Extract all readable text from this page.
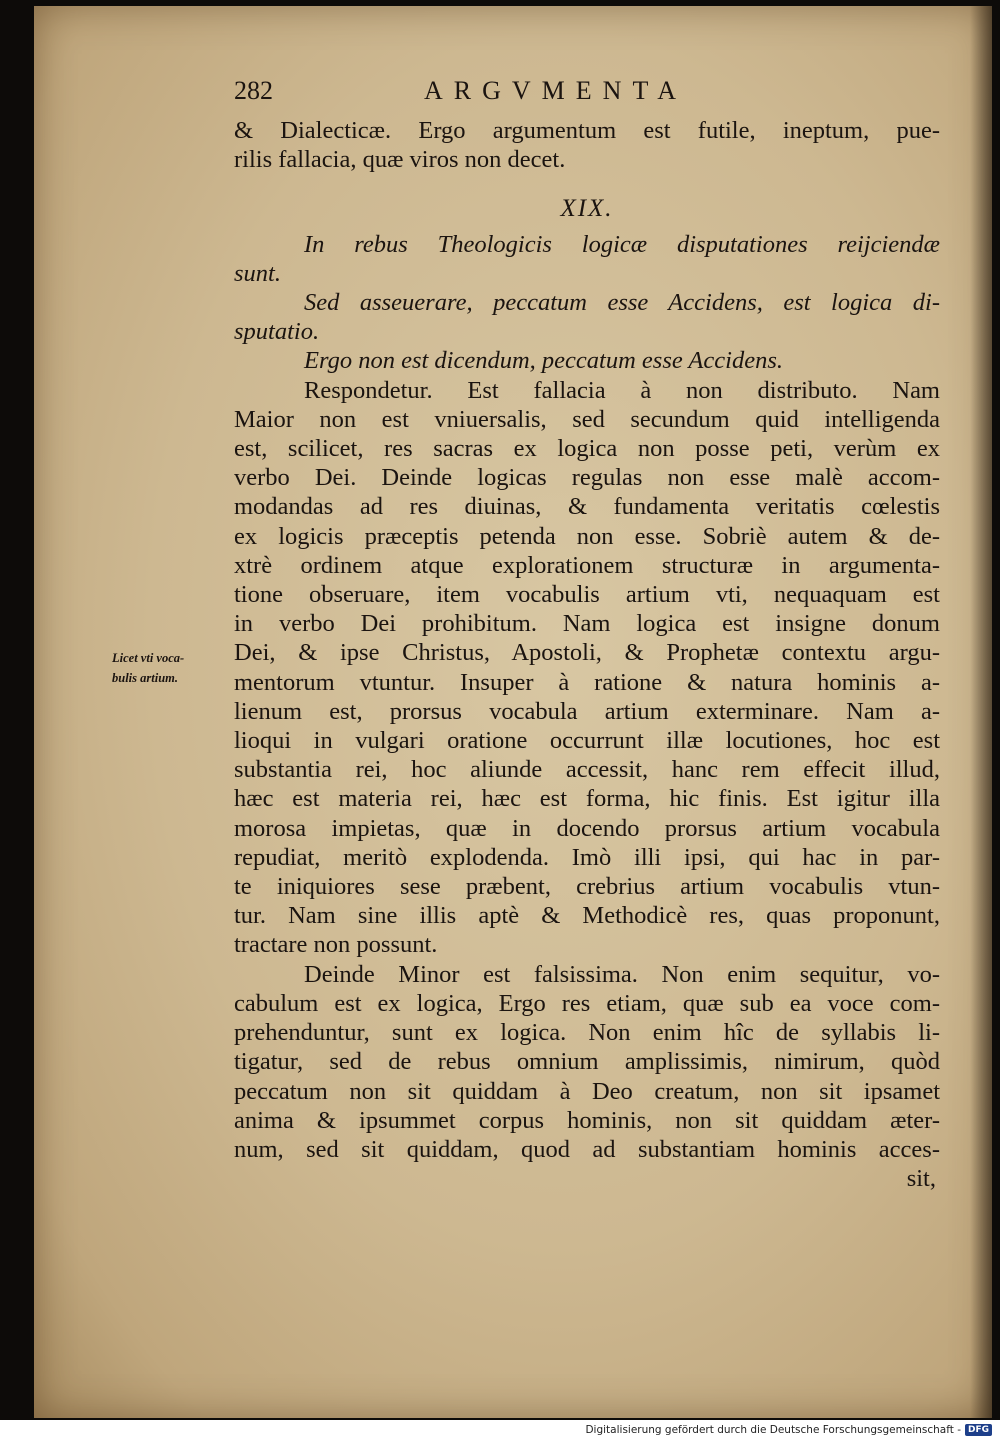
Licet vti voca-
bulis artium.
282	ARGVMENTA
& Dialecticæ. Ergo argumentum est futile, ineptum, pue-
rilis fallacia, quæ viros non decet.
XIX.
In rebus Theologicis logicæ disputationes reijciendæ
sunt.
Sed asseuerare, peccatum esse Accidens, est logica di-
sputatio.
Ergo non est dicendum, peccatum esse Accidens.
Respondetur. Est fallacia à non distributo. Nam
Maior non est vniuersalis, sed secundum quid intelligenda
est, scilicet, res sacras ex logica non posse peti, verùm ex
verbo Dei. Deinde logicas regulas non esse malè accom-
modandas ad res diuinas, & fundamenta veritatis cœlestis
ex logicis præceptis petenda non esse. Sobriè autem & de-
xtrè ordinem atque explorationem structuræ in argumenta-
tione obseruare, item vocabulis artium vti, nequaquam est
in verbo Dei prohibitum. Nam logica est insigne donum
Dei, & ipse Christus, Apostoli, & Prophetæ contextu argu-
mentorum vtuntur. Insuper à ratione & natura hominis a-
lienum est, prorsus vocabula artium exterminare. Nam a-
lioqui in vulgari oratione occurrunt illæ locutiones, hoc est
substantia rei, hoc aliunde accessit, hanc rem effecit illud,
hæc est materia rei, hæc est forma, hic finis. Est igitur illa
morosa impietas, quæ in docendo prorsus artium vocabula
repudiat, meritò explodenda. Imò illi ipsi, qui hac in par-
te iniquiores sese præbent, crebrius artium vocabulis vtun-
tur. Nam sine illis aptè & Methodicè res, quas proponunt,
tractare non possunt.
Deinde Minor est falsissima. Non enim sequitur, vo-
cabulum est ex logica, Ergo res etiam, quæ sub ea voce com-
prehenduntur, sunt ex logica. Non enim hîc de syllabis li-
tigatur, sed de rebus omnium amplissimis, nimirum, quòd
peccatum non sit quiddam à Deo creatum, non sit ipsamet
anima & ipsummet corpus hominis, non sit quiddam æter-
num, sed sit quiddam, quod ad substantiam hominis acces-
sit,
Digitalisierung gefördert durch die Deutsche Forschungsgemeinschaft - DFG
